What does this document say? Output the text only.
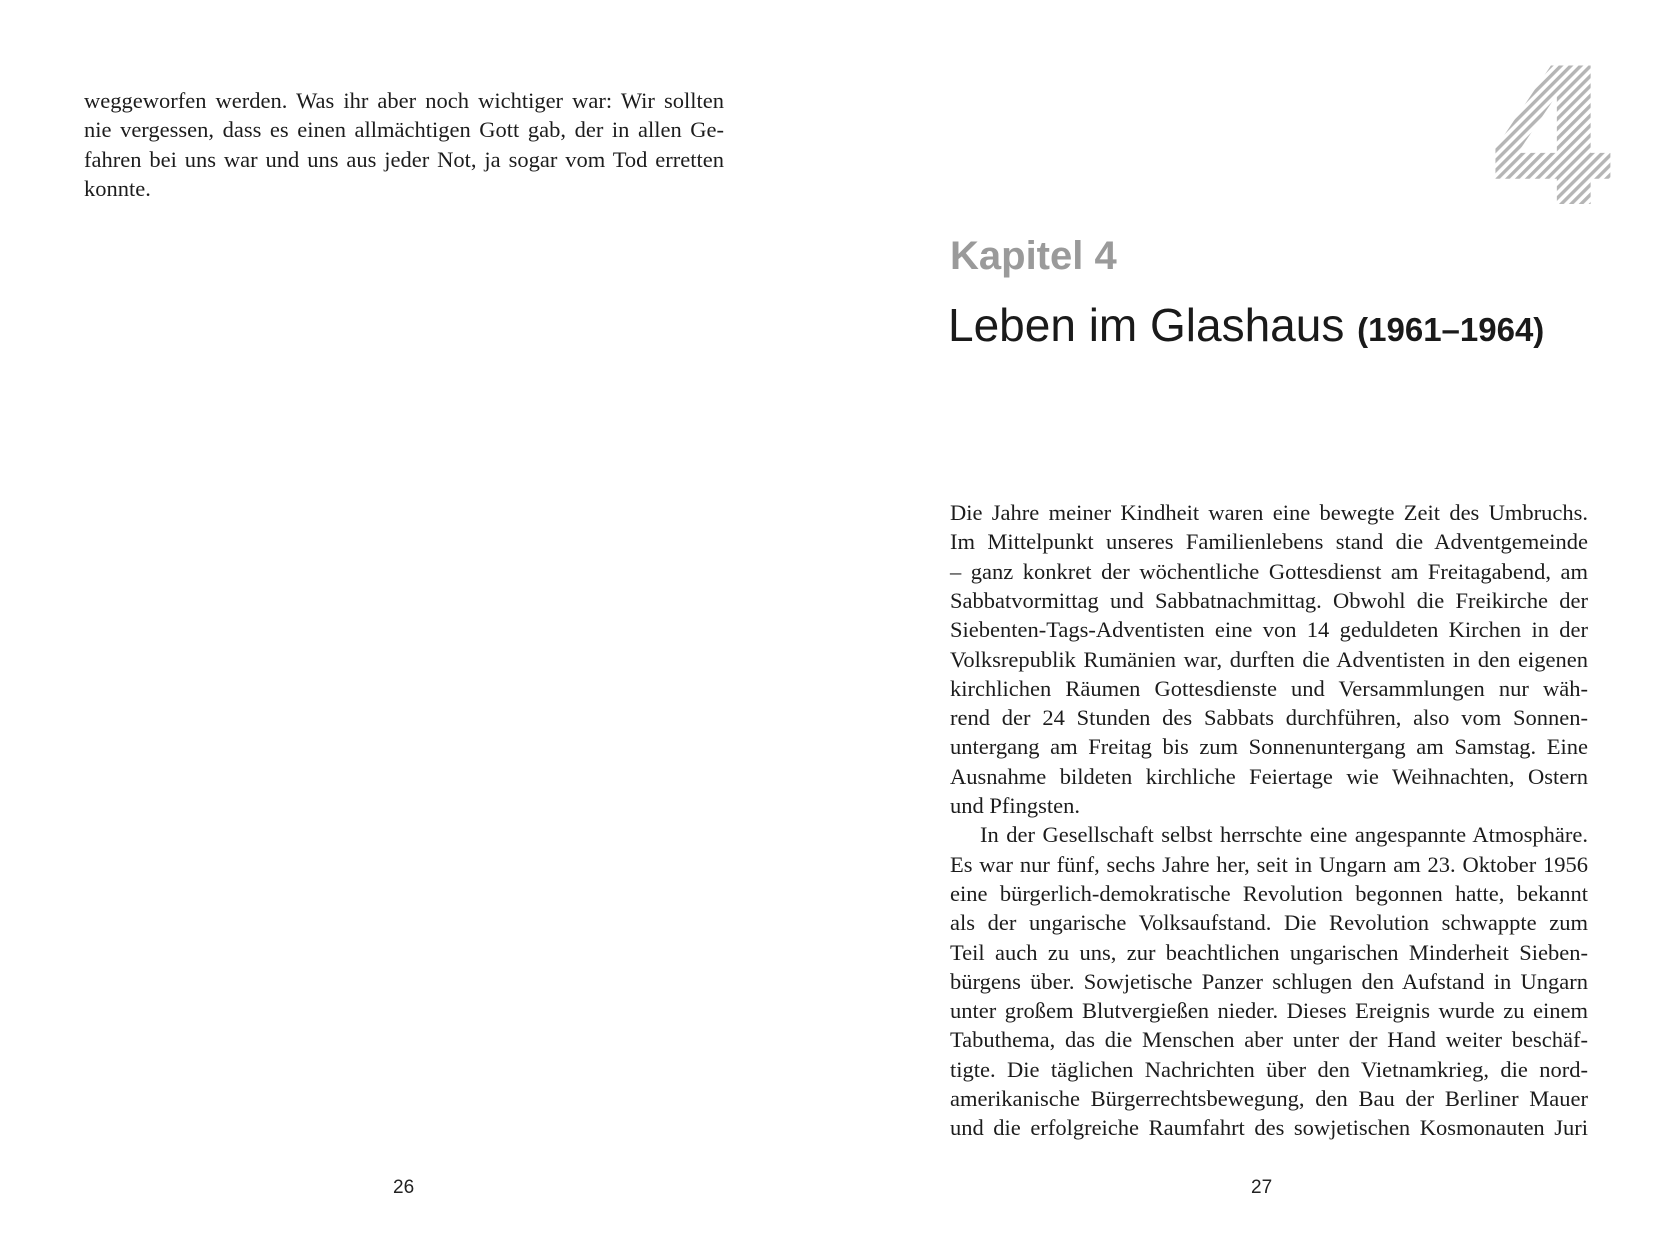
weggeworfen werden. Was ihr aber noch wichtiger war: Wir sollten
nie vergessen, dass es einen allmächtigen Gott gab, der in allen Ge-
fahren bei uns war und uns aus jeder Not, ja sogar vom Tod erretten
konnte.
26
4
Kapitel 4
Leben im Glashaus (1961–1964)
Die Jahre meiner Kindheit waren eine bewegte Zeit des Umbruchs.
Im Mittelpunkt unseres Familienlebens stand die Adventgemeinde
– ganz konkret der wöchentliche Gottesdienst am Freitagabend, am
Sabbatvormittag und Sabbatnachmittag. Obwohl die Freikirche der
Siebenten-Tags-Adventisten eine von 14 geduldeten Kirchen in der
Volksrepublik Rumänien war, durften die Adventisten in den eigenen
kirchlichen Räumen Gottesdienste und Versammlungen nur wäh-
rend der 24 Stunden des Sabbats durchführen, also vom Sonnen-
untergang am Freitag bis zum Sonnenuntergang am Samstag. Eine
Ausnahme bildeten kirchliche Feiertage wie Weihnachten, Ostern
und Pfingsten.
In der Gesellschaft selbst herrschte eine angespannte Atmosphäre.
Es war nur fünf, sechs Jahre her, seit in Ungarn am 23. Oktober 1956
eine bürgerlich-demokratische Revolution begonnen hatte, bekannt
als der ungarische Volksaufstand. Die Revolution schwappte zum
Teil auch zu uns, zur beachtlichen ungarischen Minderheit Sieben-
bürgens über. Sowjetische Panzer schlugen den Aufstand in Ungarn
unter großem Blutvergießen nieder. Dieses Ereignis wurde zu einem
Tabuthema, das die Menschen aber unter der Hand weiter beschäf-
tigte. Die täglichen Nachrichten über den Vietnamkrieg, die nord-
amerikanische Bürgerrechtsbewegung, den Bau der Berliner Mauer
und die erfolgreiche Raumfahrt des sowjetischen Kosmonauten Juri
27
